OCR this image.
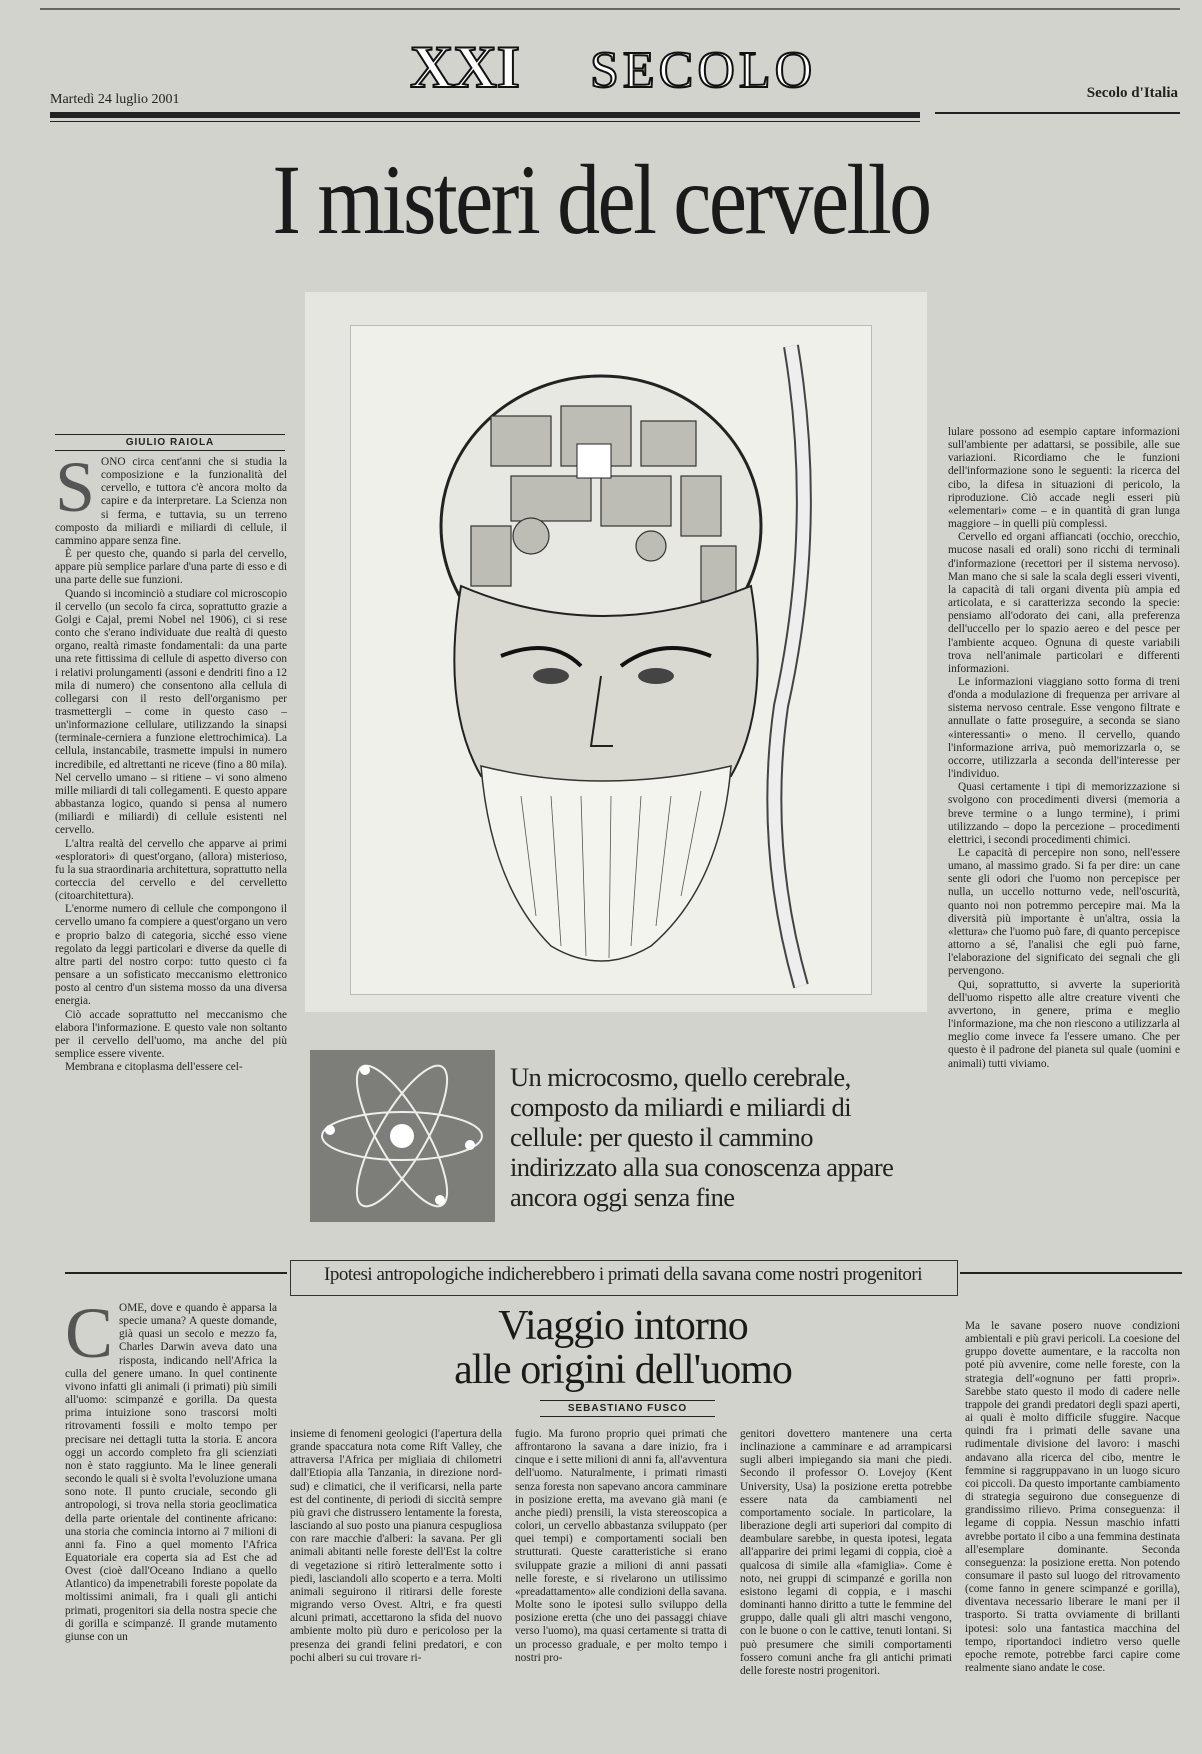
Martedì 24 luglio 2001	XXI SECOLO	Secolo d'Italia
I misteri del cervello
GIULIO RAIOLA
S ONO circa cent'anni che si studia la composizione e la funzionalità del cervello, e tuttora c'è ancora molto da capire e da interpretare. La Scienza non si ferma, e tuttavia, su un terreno composto da miliardi e miliardi di cellule, il cammino appare senza fine.

È per questo che, quando si parla del cervello, appare più semplice parlare d'una parte di esso e di una parte delle sue funzioni.

Quando si incominciò a studiare col microscopio il cervello (un secolo fa circa, soprattutto grazie a Golgi e Cajal, premi Nobel nel 1906), ci si rese conto che s'erano individuate due realtà di questo organo, realtà rimaste fondamentali: da una parte una rete fittissima di cellule di aspetto diverso con i relativi prolungamenti (assoni e dendriti fino a 12 mila di numero) che consentono alla cellula di collegarsi con il resto dell'organismo per trasmettergli – come in questo caso – un'informazione cellulare, utilizzando la sinapsi (terminale-cerniera a funzione elettrochimica). La cellula, instancabile, trasmette impulsi in numero incredibile, ed altrettanti ne riceve (fino a 80 mila). Nel cervello umano – si ritiene – vi sono almeno mille miliardi di tali collegamenti. E questo appare abbastanza logico, quando si pensa al numero (miliardi e miliardi) di cellule esistenti nel cervello.

L'altra realtà del cervello che apparve ai primi «esploratori» di quest'organo, (allora) misterioso, fu la sua straordinaria architettura, soprattutto nella corteccia del cervello e del cervelletto (citoarchitettura).

L'enorme numero di cellule che compongono il cervello umano fa compiere a quest'organo un vero e proprio balzo di categoria, sicché esso viene regolato da leggi particolari e diverse da quelle di altre parti del nostro corpo: tutto questo ci fa pensare a un sofisticato meccanismo elettronico posto al centro d'un sistema mosso da una diversa energia.

Ciò accade soprattutto nel meccanismo che elabora l'informazione. E questo vale non soltanto per il cervello dell'uomo, ma anche del più semplice essere vivente.

Membrana e citoplasma dell'essere cel-

lulare possono ad esempio captare informazioni sull'ambiente per adattarsi, se possibile, alle sue variazioni. Ricordiamo che le funzioni dell'informazione sono le seguenti: la ricerca del cibo, la difesa in situazioni di pericolo, la riproduzione. Ciò accade negli esseri più «elementari» come – e in quantità di gran lunga maggiore – in quelli più complessi.

Cervello ed organi affiancati (occhio, orecchio, mucose nasali ed orali) sono ricchi di terminali d'informazione (recettori per il sistema nervoso). Man mano che si sale la scala degli esseri viventi, la capacità di tali organi diventa più ampia ed articolata, e si caratterizza secondo la specie: pensiamo all'odorato dei cani, alla preferenza dell'uccello per lo spazio aereo e del pesce per l'ambiente acqueo. Ognuna di queste variabili trova nell'animale particolari e differenti informazioni.

Le informazioni viaggiano sotto forma di treni d'onda a modulazione di frequenza per arrivare al sistema nervoso centrale. Esse vengono filtrate e annullate o fatte proseguire, a seconda se siano «interessanti» o meno. Il cervello, quando l'informazione arriva, può memorizzarla o, se occorre, utilizzarla a seconda dell'interesse per l'individuo.

Quasi certamente i tipi di memorizzazione si svolgono con procedimenti diversi (memoria a breve termine o a lungo termine), i primi utilizzando – dopo la percezione – procedimenti elettrici, i secondi procedimenti chimici.

Le capacità di percepire non sono, nell'essere umano, al massimo grado. Si fa per dire: un cane sente gli odori che l'uomo non percepisce per nulla, un uccello notturno vede, nell'oscurità, quanto noi non potremmo percepire mai. Ma la diversità più importante è un'altra, ossia la «lettura» che l'uomo può fare, di quanto percepisce attorno a sé, l'analisi che egli può farne, l'elaborazione del significato dei segnali che gli pervengono.

Qui, soprattutto, si avverte la superiorità dell'uomo rispetto alle altre creature viventi che avvertono, in genere, prima e meglio l'informazione, ma che non riescono a utilizzarla al meglio come invece fa l'essere umano. Che per questo è il padrone del pianeta sul quale (uomini e animali) tutti viviamo.

Un microcosmo, quello cerebrale, composto da miliardi e miliardi di cellule: per questo il cammino indirizzato alla sua conoscenza appare ancora oggi senza fine
Ipotesi antropologiche indicherebbero i primati della savana come nostri progenitori
Viaggio intorno
alle origini dell'uomo
SEBASTIANO FUSCO
C OME, dove e quando è apparsa la specie umana? A queste domande, già quasi un secolo e mezzo fa, Charles Darwin aveva dato una risposta, indicando nell'Africa la culla del genere umano. In quel continente vivono infatti gli animali (i primati) più simili all'uomo: scimpanzé e gorilla. Da questa prima intuizione sono trascorsi molti ritrovamenti fossili e molto tempo per precisare nei dettagli tutta la storia. E ancora oggi un accordo completo fra gli scienziati non è stato raggiunto. Ma le linee generali secondo le quali si è svolta l'evoluzione umana sono note. Il punto cruciale, secondo gli antropologi, si trova nella storia geoclimatica della parte orientale del continente africano: una storia che comincia intorno ai 7 milioni di anni fa. Fino a quel momento l'Africa Equatoriale era coperta sia ad Est che ad Ovest (cioè dall'Oceano Indiano a quello Atlantico) da impenetrabili foreste popolate da moltissimi animali, fra i quali gli antichi primati, progenitori sia della nostra specie che di gorilla e scimpanzé. Il grande mutamento giunse con un

insieme di fenomeni geologici (l'apertura della grande spaccatura nota come Rift Valley, che attraversa l'Africa per migliaia di chilometri dall'Etiopia alla Tanzania, in direzione nord-sud) e climatici, che il verificarsi, nella parte est del continente, di periodi di siccità sempre più gravi che distrussero lentamente la foresta, lasciando al suo posto una pianura cespugliosa con rare macchie d'alberi: la savana. Per gli animali abitanti nelle foreste dell'Est la coltre di vegetazione si ritirò letteralmente sotto i piedi, lasciandoli allo scoperto e a terra. Molti animali seguirono il ritirarsi delle foreste migrando verso Ovest. Altri, e fra questi alcuni primati, accettarono la sfida del nuovo ambiente molto più duro e pericoloso per la presenza dei grandi felini predatori, e con pochi alberi su cui trovare ri-

fugio. Ma furono proprio quei primati che affrontarono la savana a dare inizio, fra i cinque e i sette milioni di anni fa, all'avventura dell'uomo. Naturalmente, i primati rimasti senza foresta non sapevano ancora camminare in posizione eretta, ma avevano già mani (e anche piedi) prensili, la vista stereoscopica a colori, un cervello abbastanza sviluppato (per quei tempi) e comportamenti sociali ben strutturati. Queste caratteristiche si erano sviluppate grazie a milioni di anni passati nelle foreste, e si rivelarono un utilissimo «preadattamento» alle condizioni della savana. Molte sono le ipotesi sullo sviluppo della posizione eretta (che uno dei passaggi chiave verso l'uomo), ma quasi certamente si tratta di un processo graduale, e per molto tempo i nostri pro-

genitori dovettero mantenere una certa inclinazione a camminare e ad arrampicarsi sugli alberi impiegando sia mani che piedi. Secondo il professor O. Lovejoy (Kent University, Usa) la posizione eretta potrebbe essere nata da cambiamenti nel comportamento sociale. In particolare, la liberazione degli arti superiori dal compito di deambulare sarebbe, in questa ipotesi, legata all'apparire dei primi legami di coppia, cioè a qualcosa di simile alla «famiglia». Come è noto, nei gruppi di scimpanzé e gorilla non esistono legami di coppia, e i maschi dominanti hanno diritto a tutte le femmine del gruppo, dalle quali gli altri maschi vengono, con le buone o con le cattive, tenuti lontani. Si può presumere che simili comportamenti fossero comuni anche fra gli antichi primati delle foreste nostri progenitori.

Ma le savane posero nuove condizioni ambientali e più gravi pericoli. La coesione del gruppo dovette aumentare, e la raccolta non poté più avvenire, come nelle foreste, con la strategia dell'«ognuno per fatti propri». Sarebbe stato questo il modo di cadere nelle trappole dei grandi predatori degli spazi aperti, ai quali è molto difficile sfuggire. Nacque quindi fra i primati delle savane una rudimentale divisione del lavoro: i maschi andavano alla ricerca del cibo, mentre le femmine si raggruppavano in un luogo sicuro coi piccoli. Da questo importante cambiamento di strategia seguirono due conseguenze di grandissimo rilievo. Prima conseguenza: il legame di coppia. Nessun maschio infatti avrebbe portato il cibo a una femmina destinata all'esemplare dominante. Seconda conseguenza: la posizione eretta. Non potendo consumare il pasto sul luogo del ritrovamento (come fanno in genere scimpanzé e gorilla), diventava necessario liberare le mani per il trasporto. Si tratta ovviamente di brillanti ipotesi: solo una fantastica macchina del tempo, riportandoci indietro verso quelle epoche remote, potrebbe farci capire come realmente siano andate le cose.
